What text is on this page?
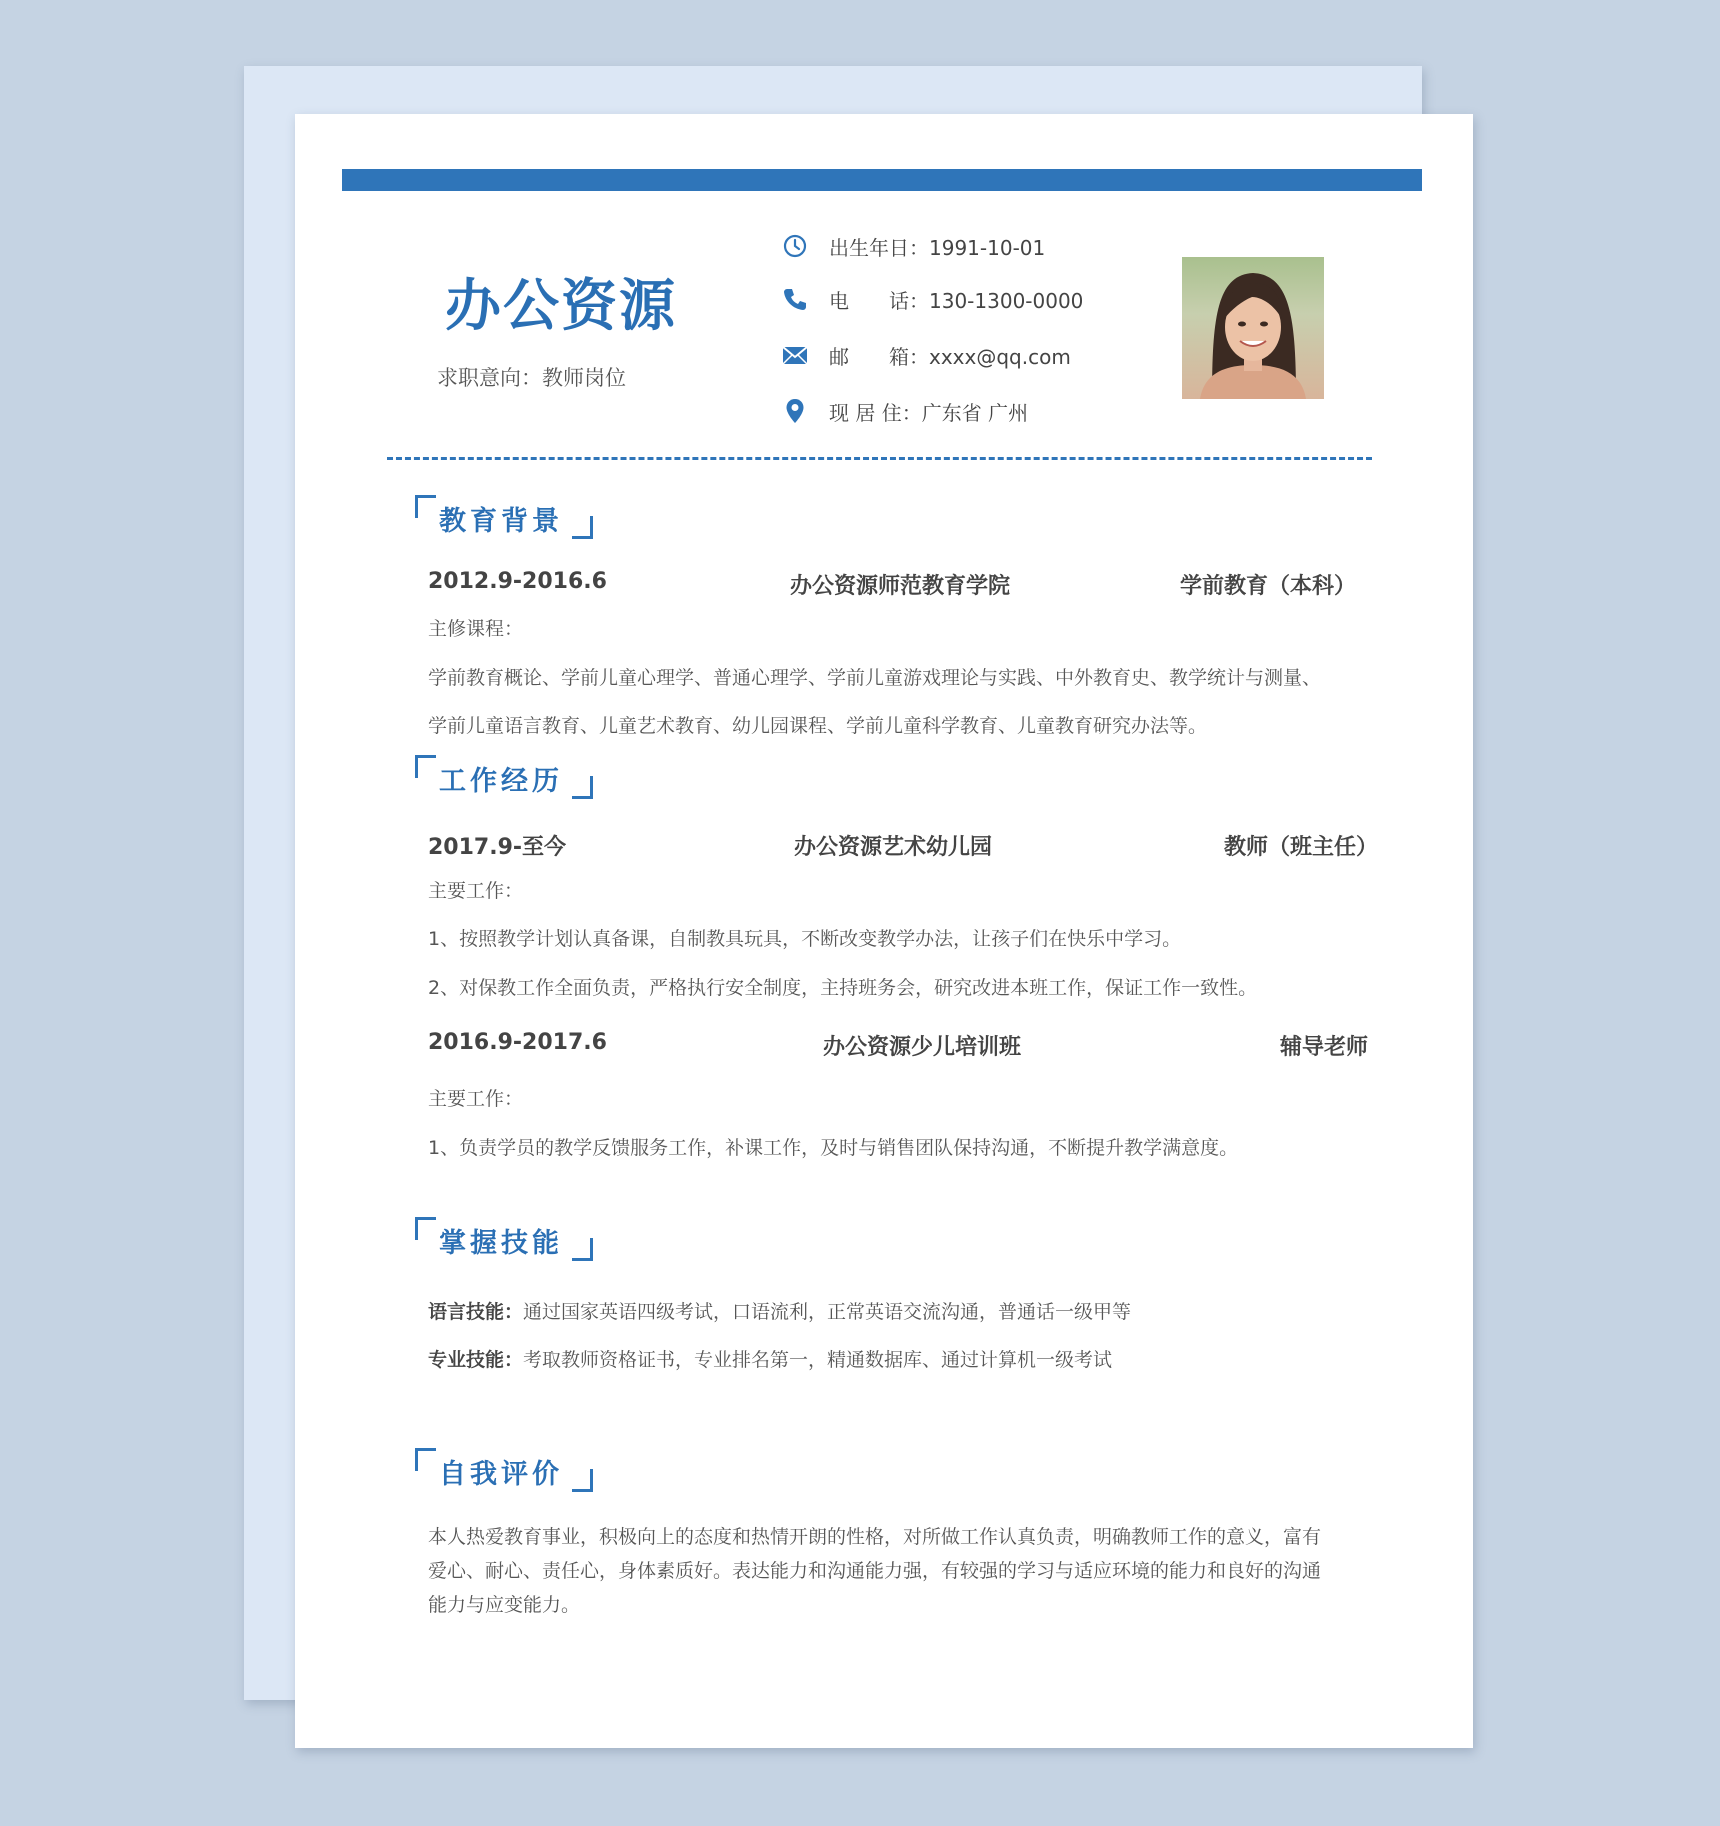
办公资源
求职意向：教师岗位
出生年日：1991-10-01
电　　话：130-1300-0000
邮　　箱：xxxx@qq.com
现 居 住：广东省 广州
教育背景
2012.9-2016.6	办公资源师范教育学院	学前教育（本科）
主修课程：
学前教育概论、学前儿童心理学、普通心理学、学前儿童游戏理论与实践、中外教育史、教学统计与测量、
学前儿童语言教育、儿童艺术教育、幼儿园课程、学前儿童科学教育、儿童教育研究办法等。
工作经历
2017.9-至今	办公资源艺术幼儿园	教师（班主任）
主要工作：
1、按照教学计划认真备课，自制教具玩具，不断改变教学办法，让孩子们在快乐中学习。
2、对保教工作全面负责，严格执行安全制度，主持班务会，研究改进本班工作，保证工作一致性。
2016.9-2017.6	办公资源少儿培训班	辅导老师
主要工作：
1、负责学员的教学反馈服务工作，补课工作，及时与销售团队保持沟通，不断提升教学满意度。
掌握技能
语言技能：通过国家英语四级考试，口语流利，正常英语交流沟通，普通话一级甲等
专业技能：考取教师资格证书，专业排名第一，精通数据库、通过计算机一级考试
自我评价
本人热爱教育事业，积极向上的态度和热情开朗的性格，对所做工作认真负责，明确教师工作的意义，富有爱心、耐心、责任心，身体素质好。表达能力和沟通能力强，有较强的学习与适应环境的能力和良好的沟通能力与应变能力。
